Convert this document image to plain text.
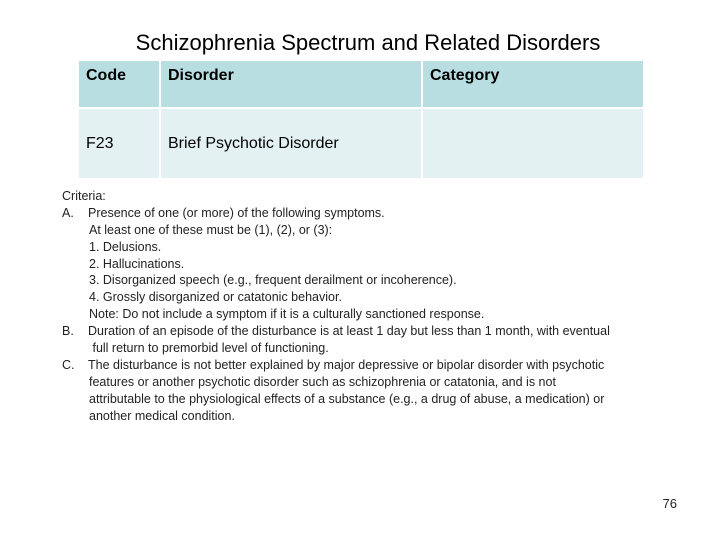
Schizophrenia Spectrum and Related Disorders
Code	Disorder	Category
F23	Brief Psychotic Disorder	
Criteria:
A. Presence of one (or more) of the following symptoms.
At least one of these must be (1), (2), or (3):
1. Delusions.
2. Hallucinations.
3. Disorganized speech (e.g., frequent derailment or incoherence).
4. Grossly disorganized or catatonic behavior.
Note: Do not include a symptom if it is a culturally sanctioned response.
B. Duration of an episode of the disturbance is at least 1 day but less than 1 month, with eventual
full return to premorbid level of functioning.
C. The disturbance is not better explained by major depressive or bipolar disorder with psychotic
features or another psychotic disorder such as schizophrenia or catatonia, and is not
attributable to the physiological effects of a substance (e.g., a drug of abuse, a medication) or
another medical condition.
76
